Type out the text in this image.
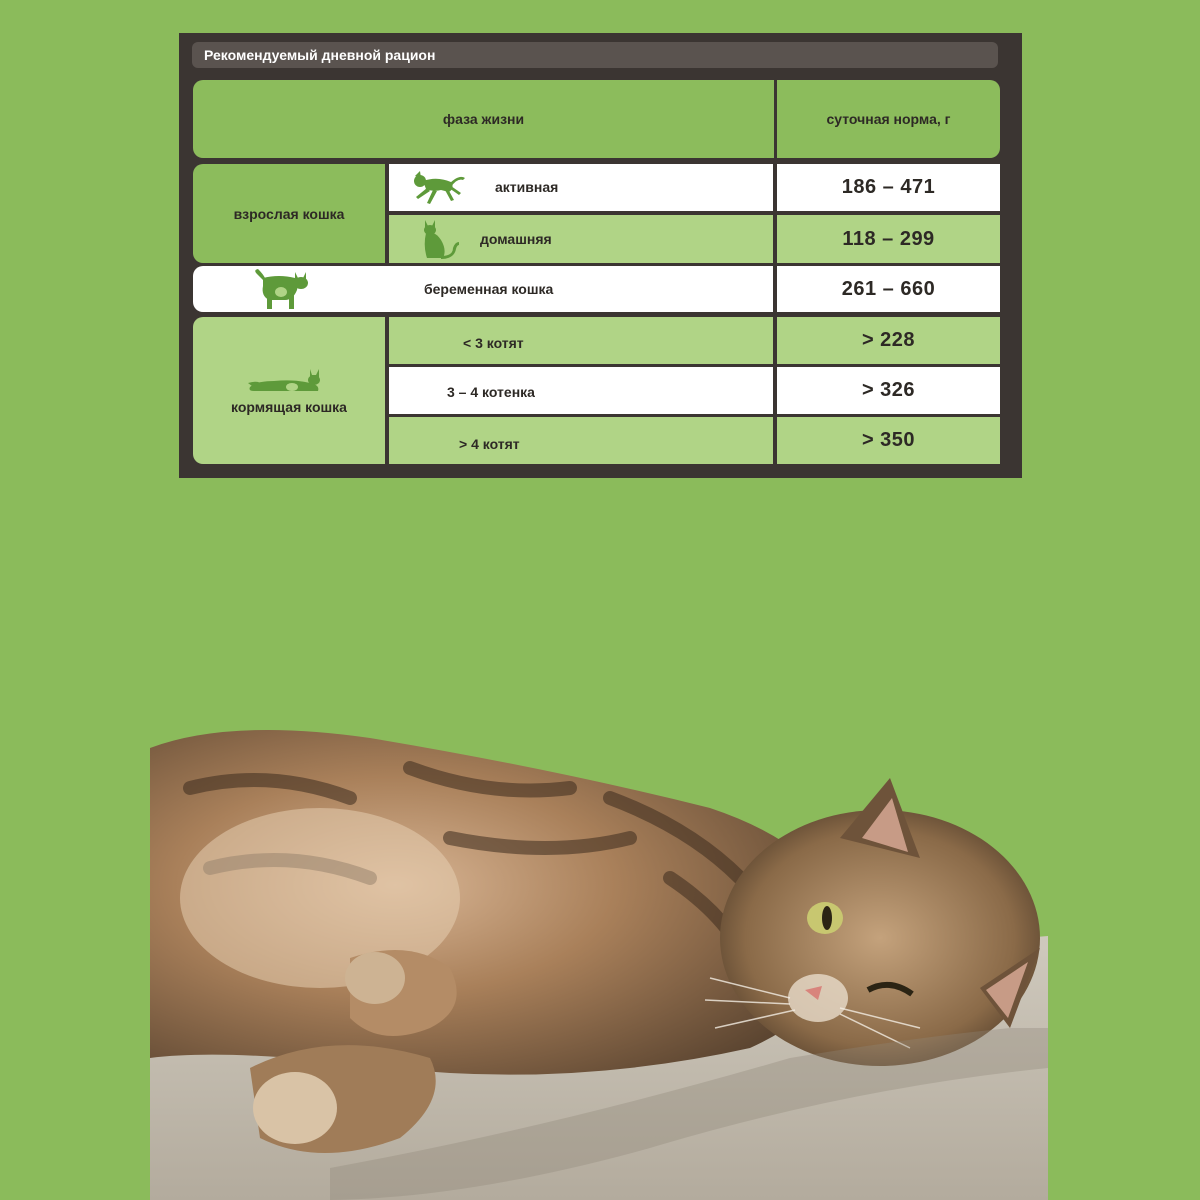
Рекомендуемый дневной рацион
фаза жизни	суточная норма, г
взрослая кошка
активная	186 – 471
домашняя	118 – 299
беременная кошка	261 – 660
кормящая кошка
< 3 котят	> 228
3 – 4 котенка	> 326
> 4 котят	> 350
